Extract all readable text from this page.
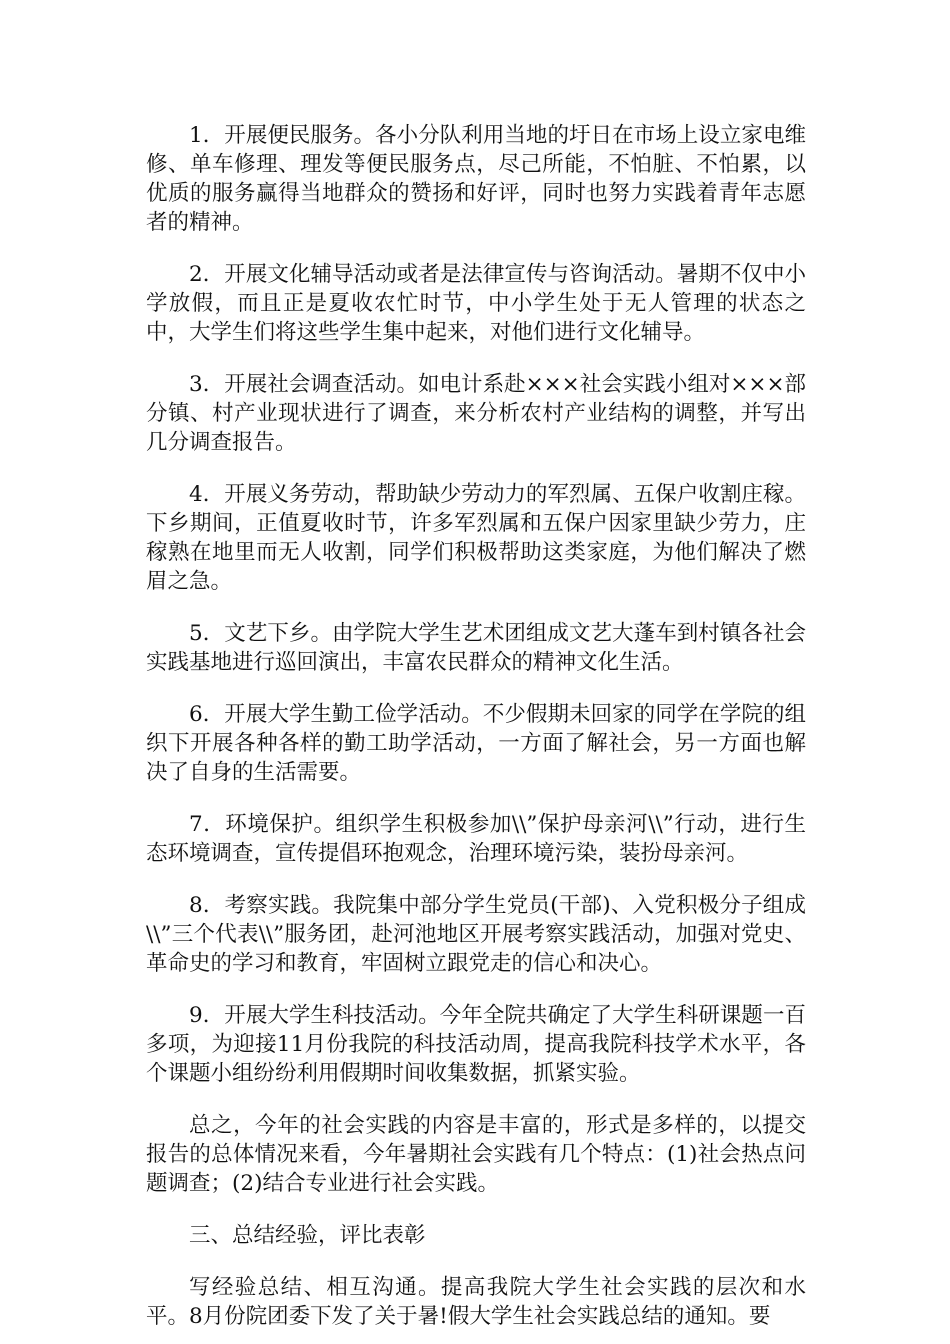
1．开展便民服务。各小分队利用当地的圩日在市场上设立家电维修、单车修理、理发等便民服务点，尽己所能，不怕脏、不怕累，以优质的服务赢得当地群众的赞扬和好评，同时也努力实践着青年志愿者的精神。

2．开展文化辅导活动或者是法律宣传与咨询活动。暑期不仅中小学放假，而且正是夏收农忙时节，中小学生处于无人管理的状态之中，大学生们将这些学生集中起来，对他们进行文化辅导。

3．开展社会调查活动。如电计系赴×××社会实践小组对×××部分镇、村产业现状进行了调查，来分析农村产业结构的调整，并写出几分调查报告。

4．开展义务劳动，帮助缺少劳动力的军烈属、五保户收割庄稼。下乡期间，正值夏收时节，许多军烈属和五保户因家里缺少劳力，庄稼熟在地里而无人收割，同学们积极帮助这类家庭，为他们解决了燃眉之急。

5．文艺下乡。由学院大学生艺术团组成文艺大蓬车到村镇各社会实践基地进行巡回演出，丰富农民群众的精神文化生活。

6．开展大学生勤工俭学活动。不少假期未回家的同学在学院的组织下开展各种各样的勤工助学活动，一方面了解社会，另一方面也解决了自身的生活需要。

7．环境保护。组织学生积极参加\\”保护母亲河\\”行动，进行生态环境调查，宣传提倡环抱观念，治理环境污染，装扮母亲河。

8．考察实践。我院集中部分学生党员(干部)、入党积极分子组成\\”三个代表\\”服务团，赴河池地区开展考察实践活动，加强对党史、革命史的学习和教育，牢固树立跟党走的信心和决心。

9．开展大学生科技活动。今年全院共确定了大学生科研课题一百多项，为迎接11月份我院的科技活动周，提高我院科技学术水平，各个课题小组纷纷利用假期时间收集数据，抓紧实验。

总之，今年的社会实践的内容是丰富的，形式是多样的，以提交报告的总体情况来看，今年暑期社会实践有几个特点：(1)社会热点问题调查；(2)结合专业进行社会实践。

三、总结经验，评比表彰

写经验总结、相互沟通。提高我院大学生社会实践的层次和水平。8月份院团委下发了关于暑!假大学生社会实践总结的通知。要
